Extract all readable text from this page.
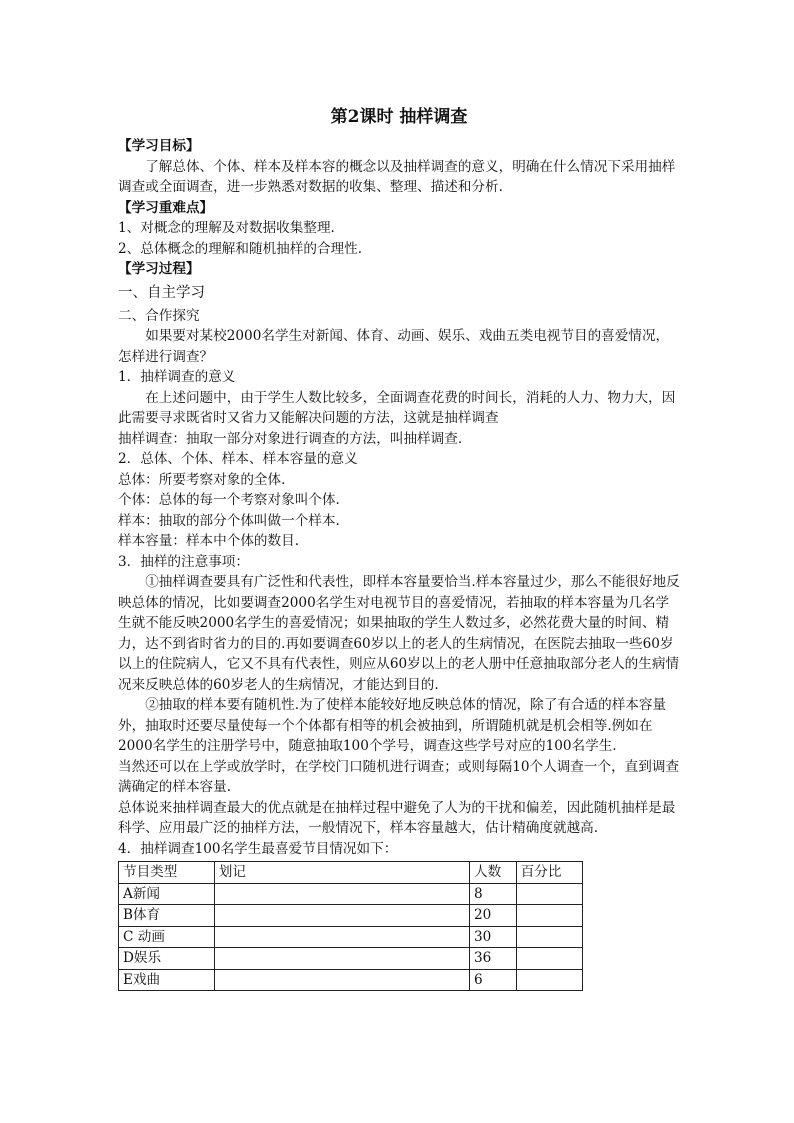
第2课时 抽样调查

【学习目标】

了解总体、个体、样本及样本容的概念以及抽样调查的意义，明确在什么情况下采用抽样调查或全面调查，进一步熟悉对数据的收集、整理、描述和分析.

【学习重难点】

1、对概念的理解及对数据收集整理.

2、总体概念的理解和随机抽样的合理性.

【学习过程】

一、自主学习

二、合作探究

如果要对某校2000名学生对新闻、体育、动画、娱乐、戏曲五类电视节目的喜爱情况，怎样进行调查？

1．抽样调查的意义

在上述问题中，由于学生人数比较多，全面调查花费的时间长，消耗的人力、物力大，因此需要寻求既省时又省力又能解决问题的方法，这就是抽样调查

抽样调查：抽取一部分对象进行调查的方法，叫抽样调查.

2．总体、个体、样本、样本容量的意义

总体：所要考察对象的全体.

个体：总体的每一个考察对象叫个体.

样本：抽取的部分个体叫做一个样本.

样本容量：样本中个体的数目.

3．抽样的注意事项：

①抽样调查要具有广泛性和代表性，即样本容量要恰当.样本容量过少，那么不能很好地反映总体的情况，比如要调查2000名学生对电视节目的喜爱情况，若抽取的样本容量为几名学生就不能反映2000名学生的喜爱情况；如果抽取的学生人数过多，必然花费大量的时间、精力，达不到省时省力的目的.再如要调查60岁以上的老人的生病情况，在医院去抽取一些60岁以上的住院病人，它又不具有代表性，则应从60岁以上的老人册中任意抽取部分老人的生病情况来反映总体的60岁老人的生病情况，才能达到目的.

②抽取的样本要有随机性.为了使样本能较好地反映总体的情况，除了有合适的样本容量外，抽取时还要尽量使每一个个体都有相等的机会被抽到，所谓随机就是机会相等.例如在2000名学生的注册学号中，随意抽取100个学号，调查这些学号对应的100名学生.

当然还可以在上学或放学时，在学校门口随机进行调查；或则每隔10个人调查一个，直到调查满确定的样本容量.

总体说来抽样调查最大的优点就是在抽样过程中避免了人为的干扰和偏差，因此随机抽样是最科学、应用最广泛的抽样方法，一般情况下，样本容量越大，估计精确度就越高.

4．抽样调查100名学生最喜爱节目情况如下：

节目类型	划记	人数	百分比
A新闻		8	
B体育		20	
C 动画		30	
D娱乐		36	
E戏曲		6	
